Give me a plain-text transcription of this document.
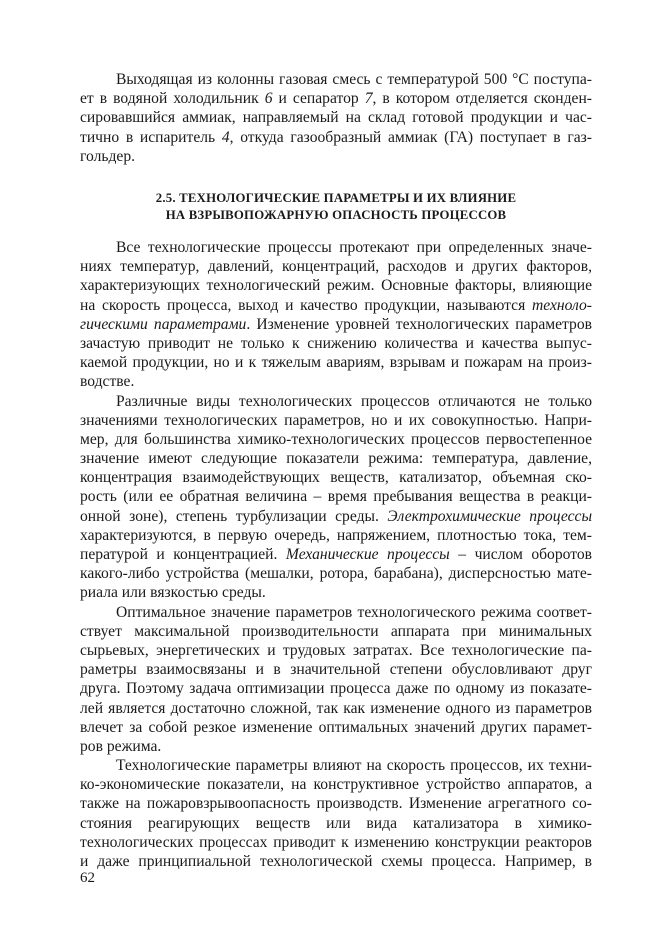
Выходящая из колонны газовая смесь с температурой 500 °С поступа-
ет в водяной холодильник 6 и сепаратор 7, в котором отделяется сконден-
сировавшийся аммиак, направляемый на склад готовой продукции и час-
тично в испаритель 4, откуда газообразный аммиак (ГА) поступает в газ-
гольдер.
2.5. ТЕХНОЛОГИЧЕСКИЕ ПАРАМЕТРЫ И ИХ ВЛИЯНИЕ
НА ВЗРЫВОПОЖАРНУЮ ОПАСНОСТЬ ПРОЦЕССОВ
Все технологические процессы протекают при определенных значе-
ниях температур, давлений, концентраций, расходов и других факторов,
характеризующих технологический режим. Основные факторы, влияющие
на скорость процесса, выход и качество продукции, называются техноло-
гическими параметрами. Изменение уровней технологических параметров
зачастую приводит не только к снижению количества и качества выпус-
каемой продукции, но и к тяжелым авариям, взрывам и пожарам на произ-
водстве.
Различные виды технологических процессов отличаются не только
значениями технологических параметров, но и их совокупностью. Напри-
мер, для большинства химико-технологических процессов первостепенное
значение имеют следующие показатели режима: температура, давление,
концентрация взаимодействующих веществ, катализатор, объемная ско-
рость (или ее обратная величина – время пребывания вещества в реакци-
онной зоне), степень турбулизации среды. Электрохимические процессы
характеризуются, в первую очередь, напряжением, плотностью тока, тем-
пературой и концентрацией. Механические процессы – числом оборотов
какого-либо устройства (мешалки, ротора, барабана), дисперсностью мате-
риала или вязкостью среды.
Оптимальное значение параметров технологического режима соответ-
ствует максимальной производительности аппарата при минимальных
сырьевых, энергетических и трудовых затратах. Все технологические па-
раметры взаимосвязаны и в значительной степени обусловливают друг
друга. Поэтому задача оптимизации процесса даже по одному из показате-
лей является достаточно сложной, так как изменение одного из параметров
влечет за собой резкое изменение оптимальных значений других парамет-
ров режима.
Технологические параметры влияют на скорость процессов, их техни-
ко-экономические показатели, на конструктивное устройство аппаратов, а
также на пожаровзрывоопасность производств. Изменение агрегатного со-
стояния реагирующих веществ или вида катализатора в химико-
технологических процессах приводит к изменению конструкции реакторов
и даже принципиальной технологической схемы процесса. Например, в
62
